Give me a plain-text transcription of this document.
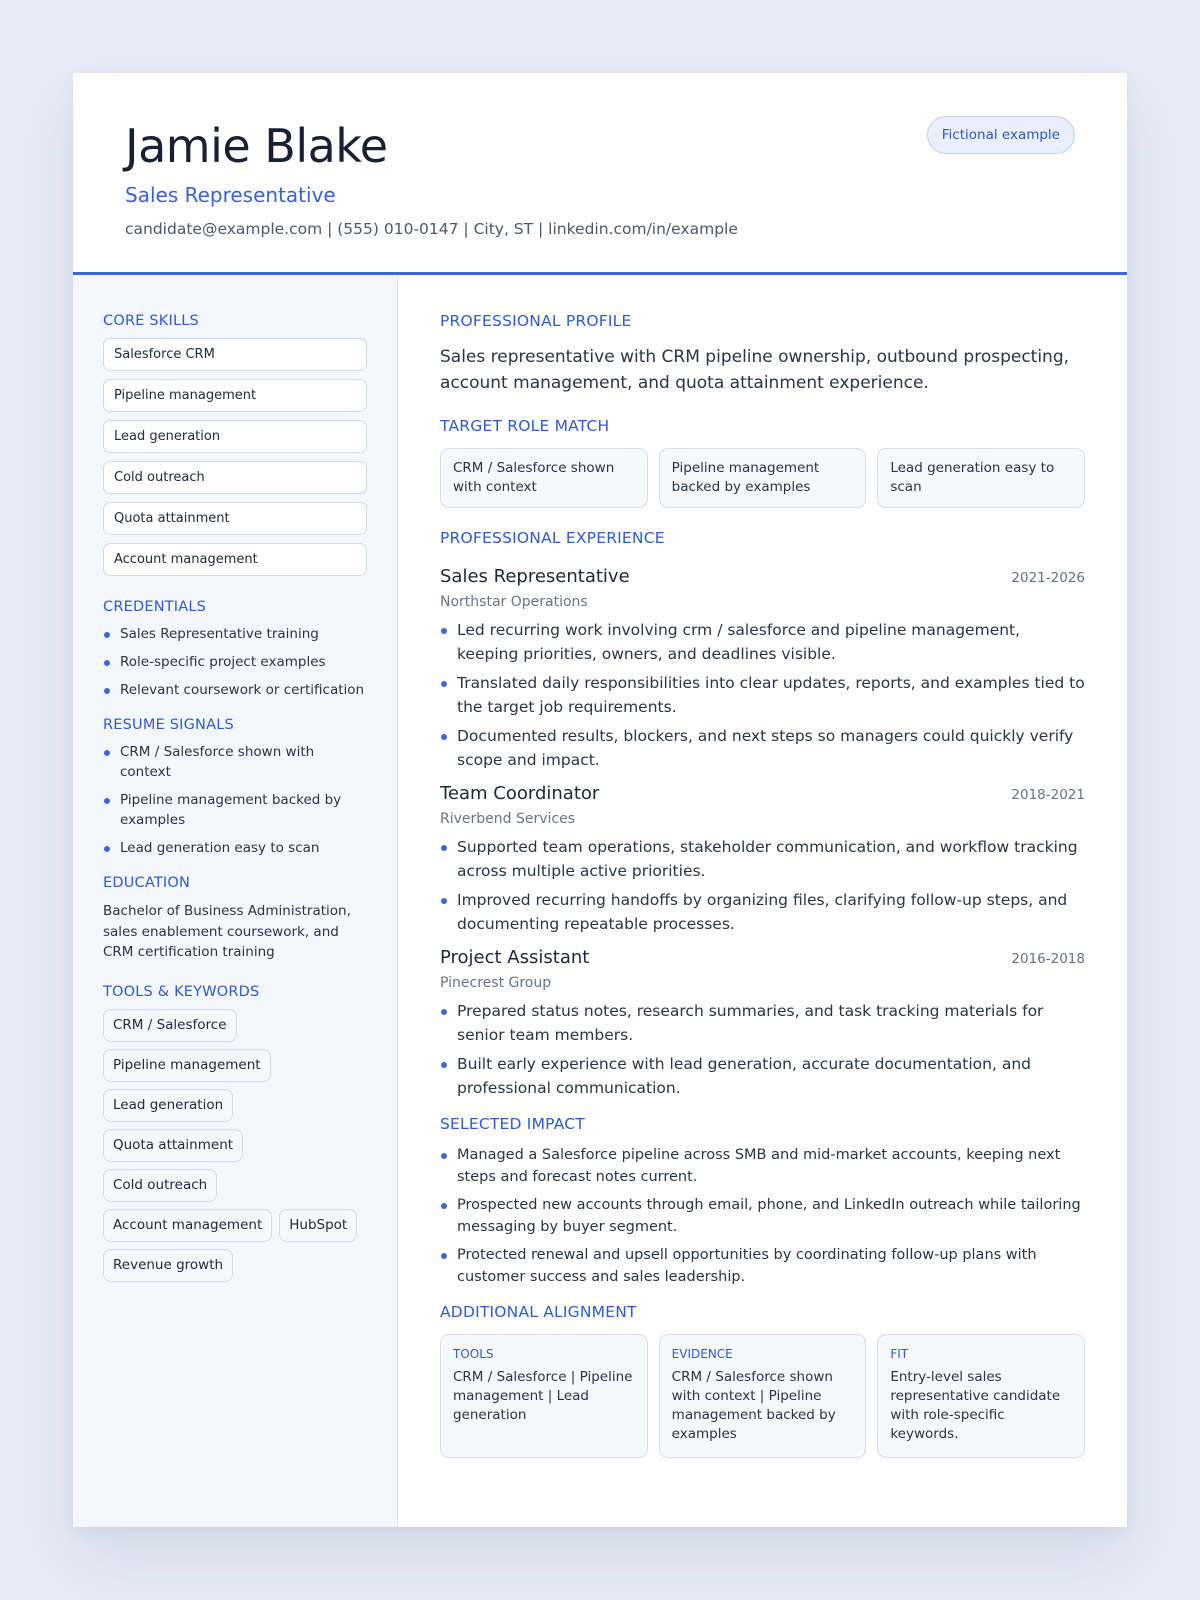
Jamie Blake
Sales Representative
candidate@example.com | (555) 010-0147 | City, ST | linkedin.com/in/example
Fictional example
CORE SKILLS
Salesforce CRM
Pipeline management
Lead generation
Cold outreach
Quota attainment
Account management
CREDENTIALS
Sales Representative training
Role-specific project examples
Relevant coursework or certification
RESUME SIGNALS
CRM / Salesforce shown with context
Pipeline management backed by examples
Lead generation easy to scan
EDUCATION
Bachelor of Business Administration, sales enablement coursework, and CRM certification training
TOOLS & KEYWORDS
CRM / Salesforce
Pipeline management
Lead generation
Quota attainment
Cold outreach
Account management	HubSpot
Revenue growth
PROFESSIONAL PROFILE
Sales representative with CRM pipeline ownership, outbound prospecting, account management, and quota attainment experience.
TARGET ROLE MATCH
CRM / Salesforce shown with context
Pipeline management backed by examples
Lead generation easy to scan
PROFESSIONAL EXPERIENCE
Sales Representative	2021-2026
Northstar Operations
Led recurring work involving crm / salesforce and pipeline management, keeping priorities, owners, and deadlines visible.
Translated daily responsibilities into clear updates, reports, and examples tied to the target job requirements.
Documented results, blockers, and next steps so managers could quickly verify scope and impact.
Team Coordinator	2018-2021
Riverbend Services
Supported team operations, stakeholder communication, and workflow tracking across multiple active priorities.
Improved recurring handoffs by organizing files, clarifying follow-up steps, and documenting repeatable processes.
Project Assistant	2016-2018
Pinecrest Group
Prepared status notes, research summaries, and task tracking materials for senior team members.
Built early experience with lead generation, accurate documentation, and professional communication.
SELECTED IMPACT
Managed a Salesforce pipeline across SMB and mid-market accounts, keeping next steps and forecast notes current.
Prospected new accounts through email, phone, and LinkedIn outreach while tailoring messaging by buyer segment.
Protected renewal and upsell opportunities by coordinating follow-up plans with customer success and sales leadership.
ADDITIONAL ALIGNMENT
TOOLS
CRM / Salesforce | Pipeline management | Lead generation
EVIDENCE
CRM / Salesforce shown with context | Pipeline management backed by examples
FIT
Entry-level sales representative candidate with role-specific keywords.
